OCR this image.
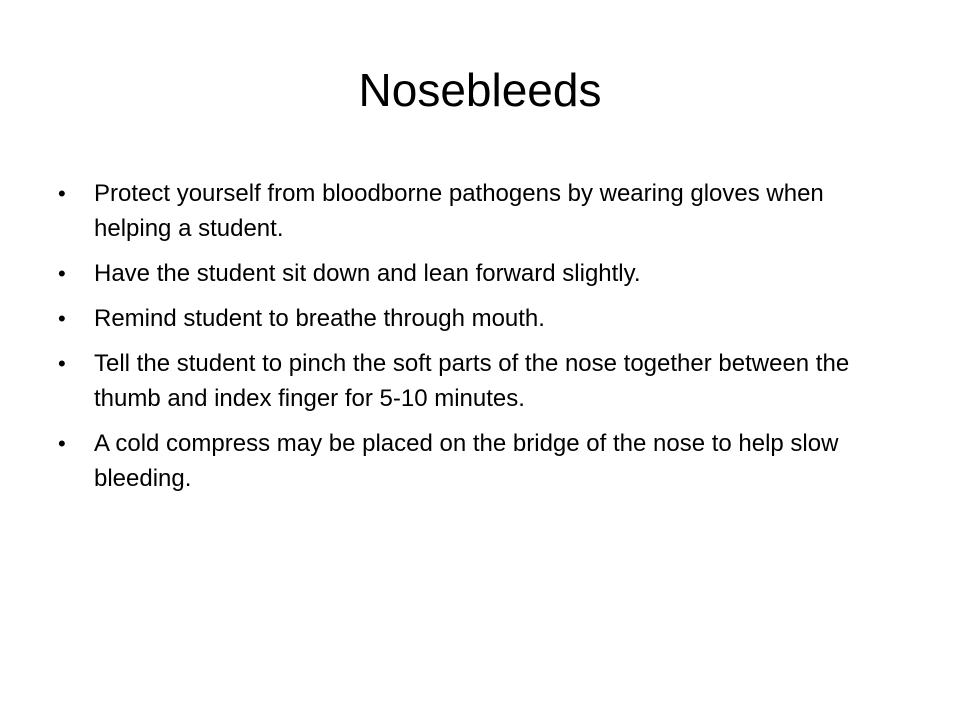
Nosebleeds
•	Protect yourself from bloodborne pathogens by wearing gloves when helping a student.
•	Have the student sit down and lean forward slightly.
•	Remind student to breathe through mouth.
•	Tell the student to pinch the soft parts of the nose together between the thumb and index finger for 5-10 minutes.
•	A cold compress may be placed on the bridge of the nose to help slow bleeding.
